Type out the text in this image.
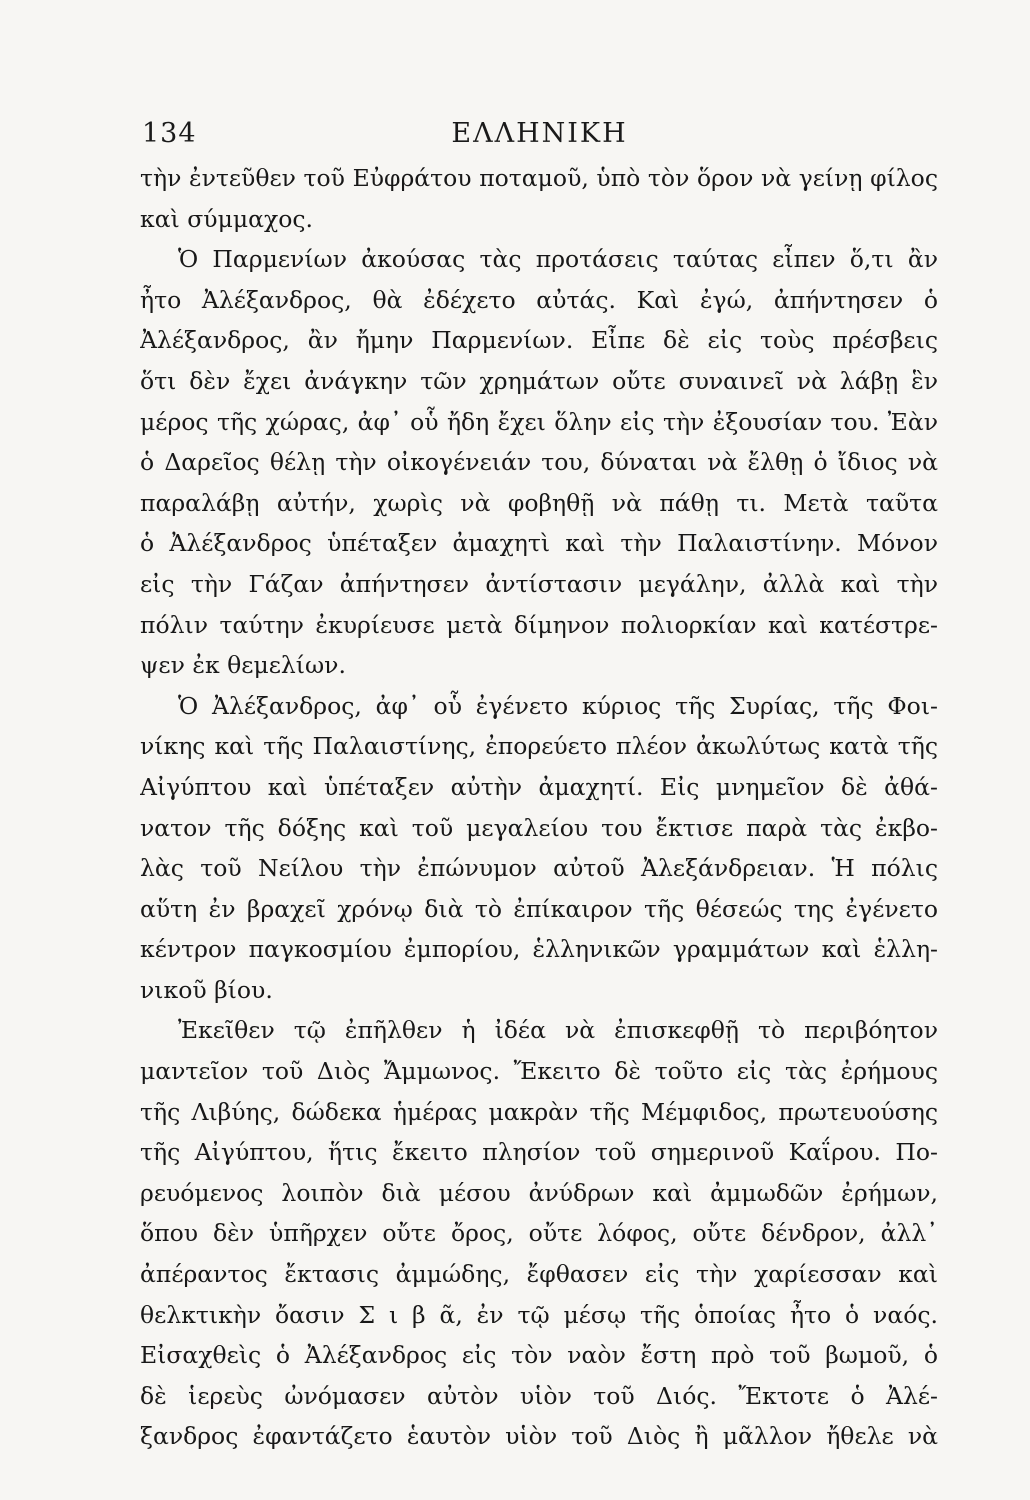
134	ΕΛΛΗΝΙΚΗ
τὴν ἐντεῦθεν τοῦ Εὐφράτου ποταμοῦ, ὑπὸ τὸν ὅρον νὰ γείνῃ φίλος
καὶ σύμμαχος.
Ὁ Παρμενίων ἀκούσας τὰς προτάσεις ταύτας εἶπεν ὅ,τι ἂν
ἦτο Ἀλέξανδρος, θὰ ἐδέχετο αὐτάς. Καὶ ἐγώ, ἀπήντησεν ὁ
Ἀλέξανδρος, ἂν ἤμην Παρμενίων. Εἶπε δὲ εἰς τοὺς πρέσβεις
ὅτι δὲν ἔχει ἀνάγκην τῶν χρημάτων οὔτε συναινεῖ νὰ λάβῃ ἓν
μέρος τῆς χώρας, ἀφ᾽ οὗ ἤδη ἔχει ὅλην εἰς τὴν ἐξουσίαν του. Ἐὰν
ὁ Δαρεῖος θέλῃ τὴν οἰκογένειάν του, δύναται νὰ ἔλθῃ ὁ ἴδιος νὰ
παραλάβῃ αὐτήν, χωρὶς νὰ φοβηθῇ νὰ πάθῃ τι. Μετὰ ταῦτα
ὁ Ἀλέξανδρος ὑπέταξεν ἀμαχητὶ καὶ τὴν Παλαιστίνην. Μόνον
εἰς τὴν Γάζαν ἀπήντησεν ἀντίστασιν μεγάλην, ἀλλὰ καὶ τὴν
πόλιν ταύτην ἐκυρίευσε μετὰ δίμηνον πολιορκίαν καὶ κατέστρε-
ψεν ἐκ θεμελίων.
Ὁ Ἀλέξανδρος, ἀφ᾽ οὗ ἐγένετο κύριος τῆς Συρίας, τῆς Φοι-
νίκης καὶ τῆς Παλαιστίνης, ἐπορεύετο πλέον ἀκωλύτως κατὰ τῆς
Αἰγύπτου καὶ ὑπέταξεν αὐτὴν ἀμαχητί. Εἰς μνημεῖον δὲ ἀθά-
νατον τῆς δόξης καὶ τοῦ μεγαλείου του ἔκτισε παρὰ τὰς ἐκβο-
λὰς τοῦ Νείλου τὴν ἐπώνυμον αὐτοῦ Ἀλεξάνδρειαν. Ἡ πόλις
αὕτη ἐν βραχεῖ χρόνῳ διὰ τὸ ἐπίκαιρον τῆς θέσεώς της ἐγένετο
κέντρον παγκοσμίου ἐμπορίου, ἑλληνικῶν γραμμάτων καὶ ἑλλη-
νικοῦ βίου.
Ἐκεῖθεν τῷ ἐπῆλθεν ἡ ἰδέα νὰ ἐπισκεφθῇ τὸ περιβόητον
μαντεῖον τοῦ Διὸς Ἄμμωνος. Ἔκειτο δὲ τοῦτο εἰς τὰς ἐρήμους
τῆς Λιβύης, δώδεκα ἡμέρας μακρὰν τῆς Μέμφιδος, πρωτευούσης
τῆς Αἰγύπτου, ἥτις ἔκειτο πλησίον τοῦ σημερινοῦ Καΐρου. Πο-
ρευόμενος λοιπὸν διὰ μέσου ἀνύδρων καὶ ἀμμωδῶν ἐρήμων,
ὅπου δὲν ὑπῆρχεν οὔτε ὄρος, οὔτε λόφος, οὔτε δένδρον, ἀλλ᾽
ἀπέραντος ἔκτασις ἀμμώδης, ἔφθασεν εἰς τὴν χαρίεσσαν καὶ
θελκτικὴν ὄασιν Σ ι β ᾶ, ἐν τῷ μέσῳ τῆς ὁποίας ἦτο ὁ ναός.
Εἰσαχθεὶς ὁ Ἀλέξανδρος εἰς τὸν ναὸν ἔστη πρὸ τοῦ βωμοῦ, ὁ
δὲ ἱερεὺς ὠνόμασεν αὐτὸν υἱὸν τοῦ Διός. Ἔκτοτε ὁ Ἀλέ-
ξανδρος ἐφαντάζετο ἑαυτὸν υἱὸν τοῦ Διὸς ἢ μᾶλλον ἤθελε νὰ
